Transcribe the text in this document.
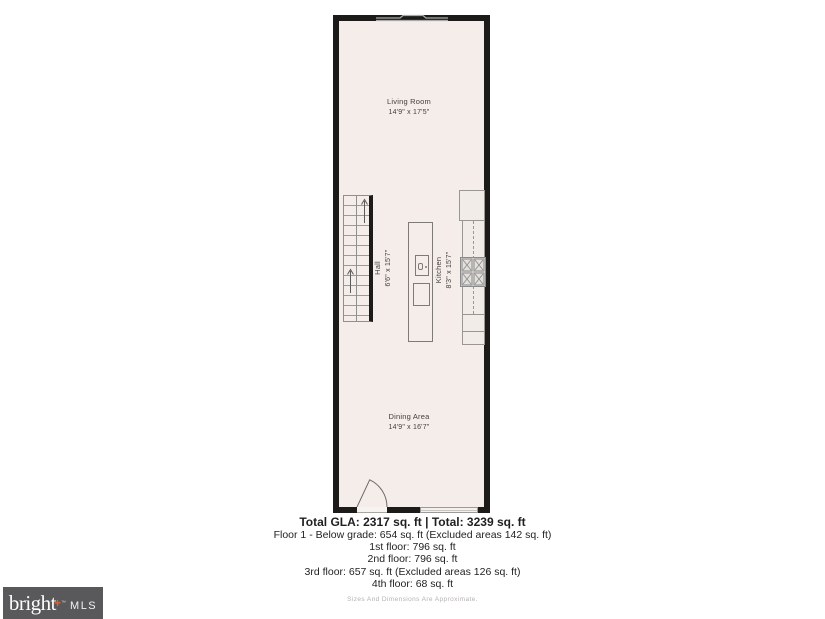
Living Room
14'9" x 17'5"
Hall 6'6" x 15'7"	Kitchen 8'3" x 15'7"
Dining Area
14'9" x 16'7"
Total GLA: 2317 sq. ft | Total: 3239 sq. ft
Floor 1 - Below grade: 654 sq. ft (Excluded areas 142 sq. ft)
1st floor: 796 sq. ft
2nd floor: 796 sq. ft
3rd floor: 657 sq. ft (Excluded areas 126 sq. ft)
4th floor: 68 sq. ft
Sizes And Dimensions Are Approximate.
bright
+ ™ MLS
